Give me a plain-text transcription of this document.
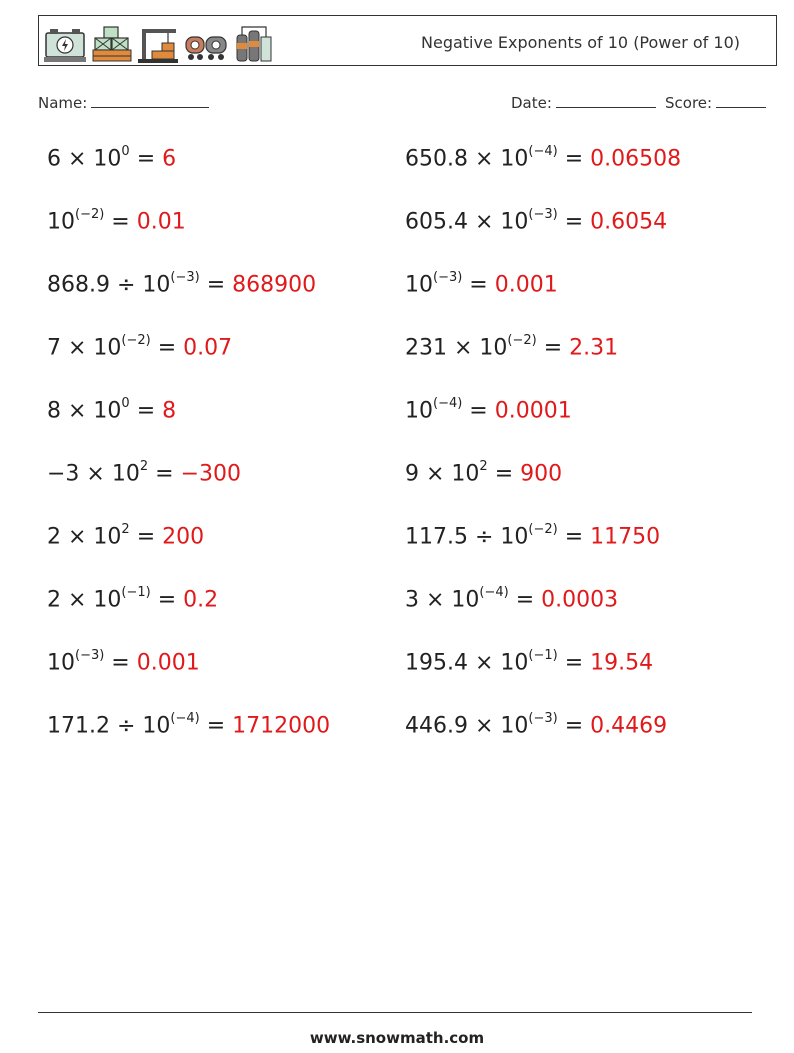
Negative Exponents of 10 (Power of 10)
Name:	Date:	Score:
$6 \times 10^0 = 6$	$650.8 \times 10^{(-4)} = 0.06508$
$10^{(-2)} = 0.01$	$605.4 \times 10^{(-3)} = 0.6054$
$868.9 \div 10^{(-3)} = 868900$	$10^{(-3)} = 0.001$
$7 \times 10^{(-2)} = 0.07$	$231 \times 10^{(-2)} = 2.31$
$8 \times 10^0 = 8$	$10^{(-4)} = 0.0001$
$-3 \times 10^2 = -300$	$9 \times 10^2 = 900$
$2 \times 10^2 = 200$	$117.5 \div 10^{(-2)} = 11750$
$2 \times 10^{(-1)} = 0.2$	$3 \times 10^{(-4)} = 0.0003$
$10^{(-3)} = 0.001$	$195.4 \times 10^{(-1)} = 19.54$
$171.2 \div 10^{(-4)} = 1712000$	$446.9 \times 10^{(-3)} = 0.4469$
www.snowmath.com
